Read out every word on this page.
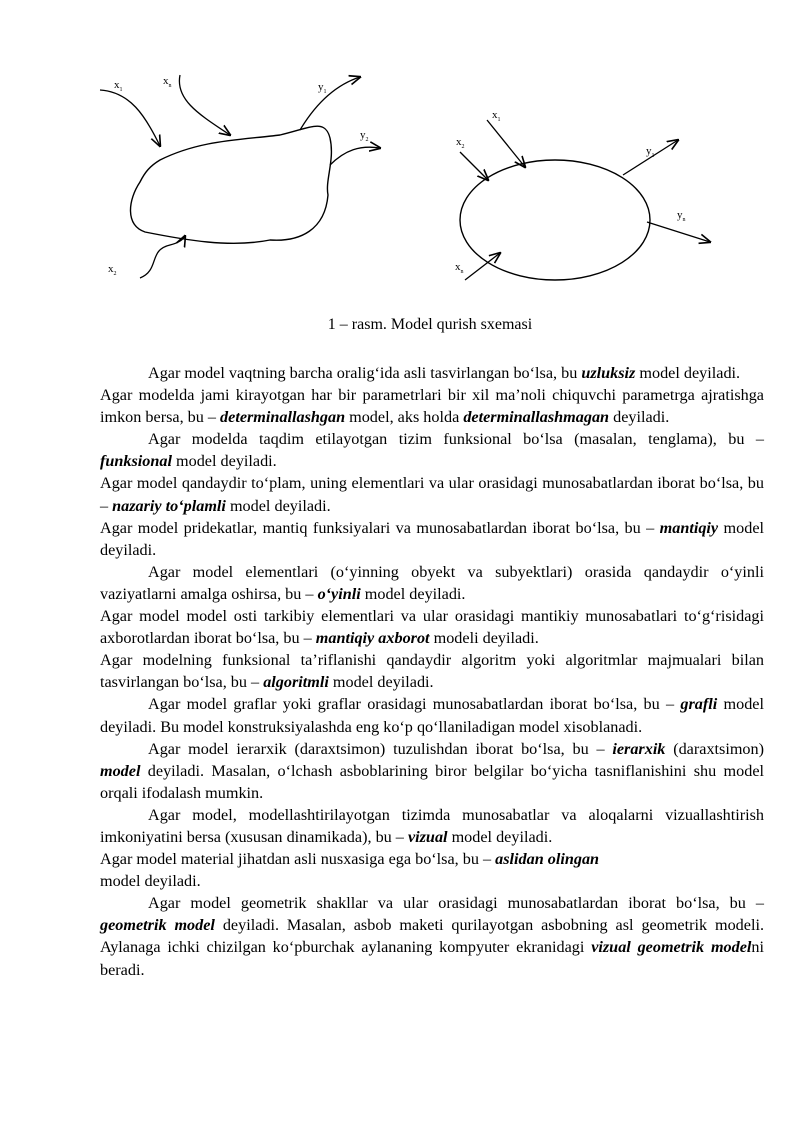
$x_1$
$x_n$
$x_2$
$y_1$
$y_2$
$x_1$
$x_2$
$x_n$
$y_1$
$y_n$
1 – rasm. Model qurish sxemasi

Agar model vaqtning barcha oralig‘ida asli tasvirlangan bo‘lsa, bu uzluksiz model deyiladi.

Agar modelda jami kirayotgan har bir parametrlari bir xil ma’noli chiquvchi parametrga ajratishga imkon bersa, bu – determinallashgan model, aks holda determinallashmagan deyiladi.

Agar modelda taqdim etilayotgan tizim funksional bo‘lsa (masalan, tenglama), bu – funksional model deyiladi.

Agar model qandaydir to‘plam, uning elementlari va ular orasidagi munosabatlardan iborat bo‘lsa, bu – nazariy to‘plamli model deyiladi.

Agar model pridekatlar, mantiq funksiyalari va munosabatlardan iborat bo‘lsa, bu – mantiqiy model deyiladi.

Agar model elementlari (o‘yinning obyekt va subyektlari) orasida qandaydir o‘yinli vaziyatlarni amalga oshirsa, bu – o‘yinli model deyiladi.

Agar model model osti tarkibiy elementlari va ular orasidagi mantikiy munosabatlari to‘g‘risidagi axborotlardan iborat bo‘lsa, bu – mantiqiy axborot modeli deyiladi.

Agar modelning funksional ta’riflanishi qandaydir algoritm yoki algoritmlar majmualari bilan tasvirlangan bo‘lsa, bu – algoritmli model deyiladi.

Agar model graflar yoki graflar orasidagi munosabatlardan iborat bo‘lsa, bu – grafli model deyiladi. Bu model konstruksiyalashda eng ko‘p qo‘llaniladigan model xisoblanadi.

Agar model ierarxik (daraxtsimon) tuzulishdan iborat bo‘lsa, bu – ierarxik (daraxtsimon) model deyiladi. Masalan, o‘lchash asboblarining biror belgilar bo‘yicha tasniflanishini shu model orqali ifodalash mumkin.

Agar model, modellashtirilayotgan tizimda munosabatlar va aloqalarni vizuallashtirish imkoniyatini bersa (xususan dinamikada), bu – vizual model deyiladi.

Agar model material jihatdan asli nusxasiga ega bo‘lsa, bu – aslidan olingan

model deyiladi.

Agar model geometrik shakllar va ular orasidagi munosabatlardan iborat bo‘lsa, bu – geometrik model deyiladi. Masalan, asbob maketi qurilayotgan asbobning asl geometrik modeli. Aylanaga ichki chizilgan ko‘pburchak aylananing kompyuter ekranidagi vizual geometrik modelni beradi.
